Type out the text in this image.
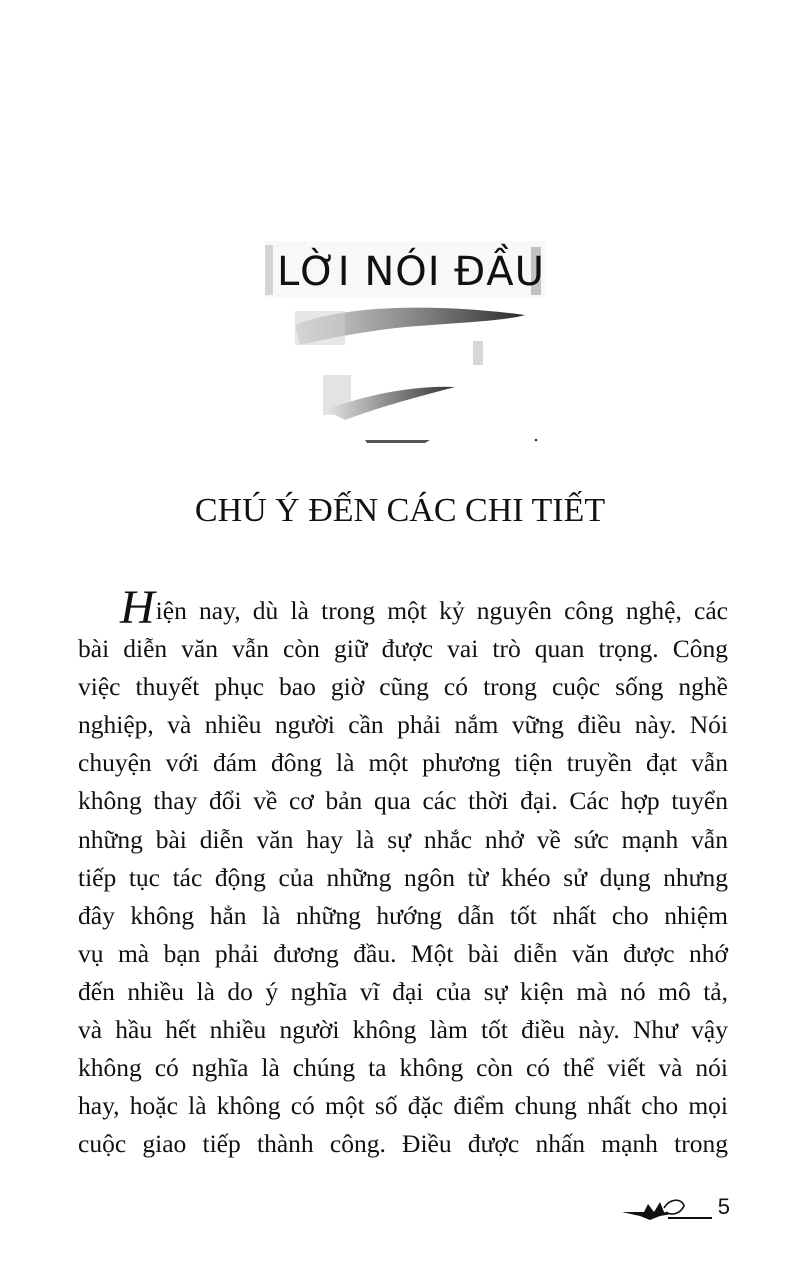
LỜI NÓI ĐẦU
CHÚ Ý ĐẾN CÁC CHI TIẾT
Hiện nay, dù là trong một kỷ nguyên công nghệ, các
bài diễn văn vẫn còn giữ được vai trò quan trọng. Công
việc thuyết phục bao giờ cũng có trong cuộc sống nghề
nghiệp, và nhiều người cần phải nắm vững điều này. Nói
chuyện với đám đông là một phương tiện truyền đạt vẫn
không thay đổi về cơ bản qua các thời đại. Các hợp tuyển
những bài diễn văn hay là sự nhắc nhở về sức mạnh vẫn
tiếp tục tác động của những ngôn từ khéo sử dụng nhưng
đây không hẳn là những hướng dẫn tốt nhất cho nhiệm
vụ mà bạn phải đương đầu. Một bài diễn văn được nhớ
đến nhiều là do ý nghĩa vĩ đại của sự kiện mà nó mô tả,
và hầu hết nhiều người không làm tốt điều này. Như vậy
không có nghĩa là chúng ta không còn có thể viết và nói
hay, hoặc là không có một số đặc điểm chung nhất cho mọi
cuộc giao tiếp thành công. Điều được nhấn mạnh trong
5
